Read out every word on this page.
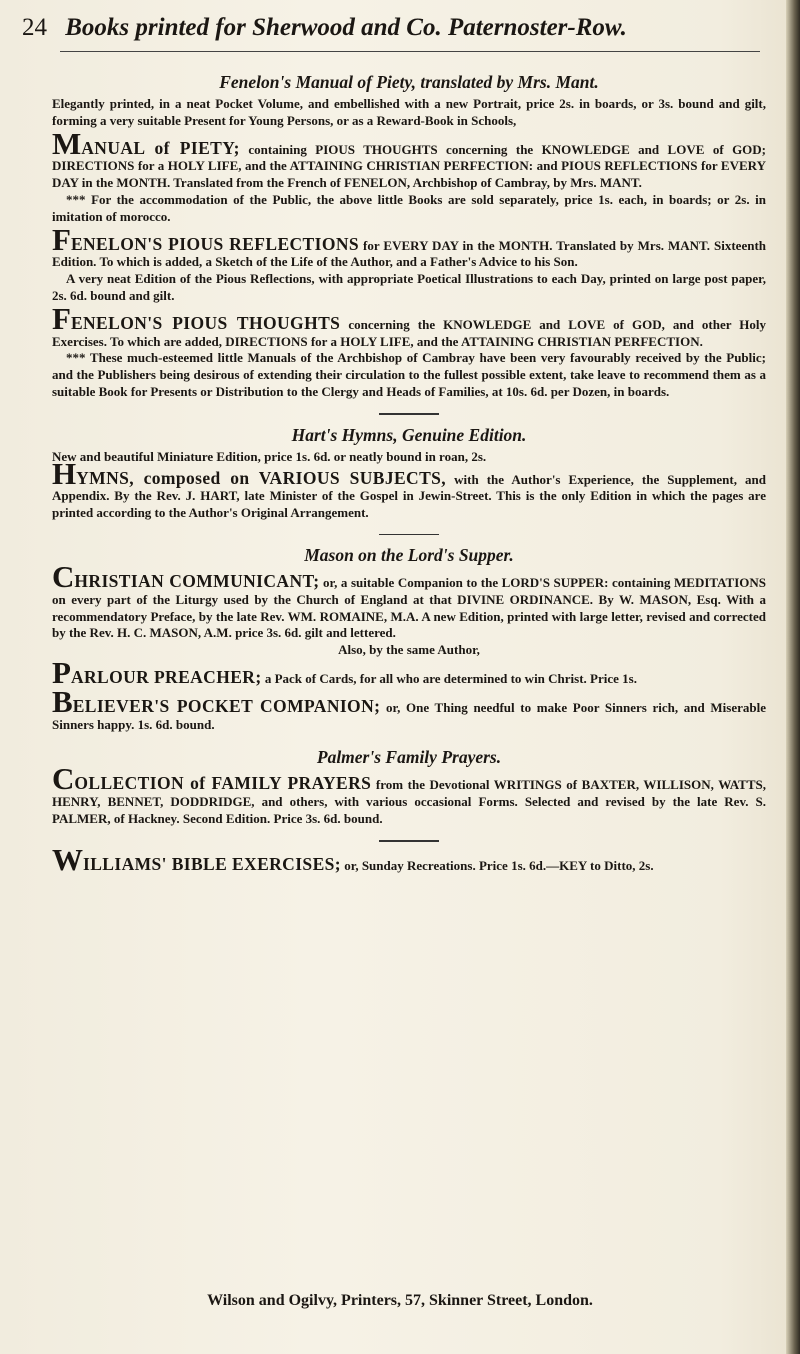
24 Books printed for Sherwood and Co. Paternoster-Row.

Fenelon's Manual of Piety, translated by Mrs. Mant.

Elegantly printed, in a neat Pocket Volume, and embellished with a new Portrait, price 2s. in boards, or 3s. bound and gilt, forming a very suitable Present for Young Persons, or as a Reward-Book in Schools,

MANUAL of PIETY; containing PIOUS THOUGHTS concerning the KNOWLEDGE and LOVE of GOD; DIRECTIONS for a HOLY LIFE, and the ATTAINING CHRISTIAN PERFECTION: and PIOUS REFLECTIONS for EVERY DAY in the MONTH. Translated from the French of FENELON, Archbishop of Cambray, by Mrs. MANT.

*** For the accommodation of the Public, the above little Books are sold separately, price 1s. each, in boards; or 2s. in imitation of morocco.

FENELON'S PIOUS REFLECTIONS for EVERY DAY in the MONTH. Translated by Mrs. MANT. Sixteenth Edition. To which is added, a Sketch of the Life of the Author, and a Father's Advice to his Son.

A very neat Edition of the Pious Reflections, with appropriate Poetical Illustrations to each Day, printed on large post paper, 2s. 6d. bound and gilt.

FENELON'S PIOUS THOUGHTS concerning the KNOWLEDGE and LOVE of GOD, and other Holy Exercises. To which are added, DIRECTIONS for a HOLY LIFE, and the ATTAINING CHRISTIAN PERFECTION.

*** These much-esteemed little Manuals of the Archbishop of Cambray have been very favourably received by the Public; and the Publishers being desirous of extending their circulation to the fullest possible extent, take leave to recommend them as a suitable Book for Presents or Distribution to the Clergy and Heads of Families, at 10s. 6d. per Dozen, in boards.

Hart's Hymns, Genuine Edition.

New and beautiful Miniature Edition, price 1s. 6d. or neatly bound in roan, 2s.

HYMNS, composed on VARIOUS SUBJECTS, with the Author's Experience, the Supplement, and Appendix. By the Rev. J. HART, late Minister of the Gospel in Jewin-Street. This is the only Edition in which the pages are printed according to the Author's Original Arrangement.

Mason on the Lord's Supper.

CHRISTIAN COMMUNICANT; or, a suitable Companion to the LORD'S SUPPER: containing MEDITATIONS on every part of the Liturgy used by the Church of England at that DIVINE ORDINANCE. By W. MASON, Esq. With a recommendatory Preface, by the late Rev. WM. ROMAINE, M.A. A new Edition, printed with large letter, revised and corrected by the Rev. H. C. MASON, A.M. price 3s. 6d. gilt and lettered.

Also, by the same Author,

PARLOUR PREACHER; a Pack of Cards, for all who are determined to win Christ. Price 1s.

BELIEVER'S POCKET COMPANION; or, One Thing needful to make Poor Sinners rich, and Miserable Sinners happy. 1s. 6d. bound.

Palmer's Family Prayers.

COLLECTION of FAMILY PRAYERS from the Devotional WRITINGS of BAXTER, WILLISON, WATTS, HENRY, BENNET, DODDRIDGE, and others, with various occasional Forms. Selected and revised by the late Rev. S. PALMER, of Hackney. Second Edition. Price 3s. 6d. bound.

WILLIAMS' BIBLE EXERCISES; or, Sunday Recreations. Price 1s. 6d.—KEY to Ditto, 2s.

Wilson and Ogilvy, Printers, 57, Skinner Street, London.
